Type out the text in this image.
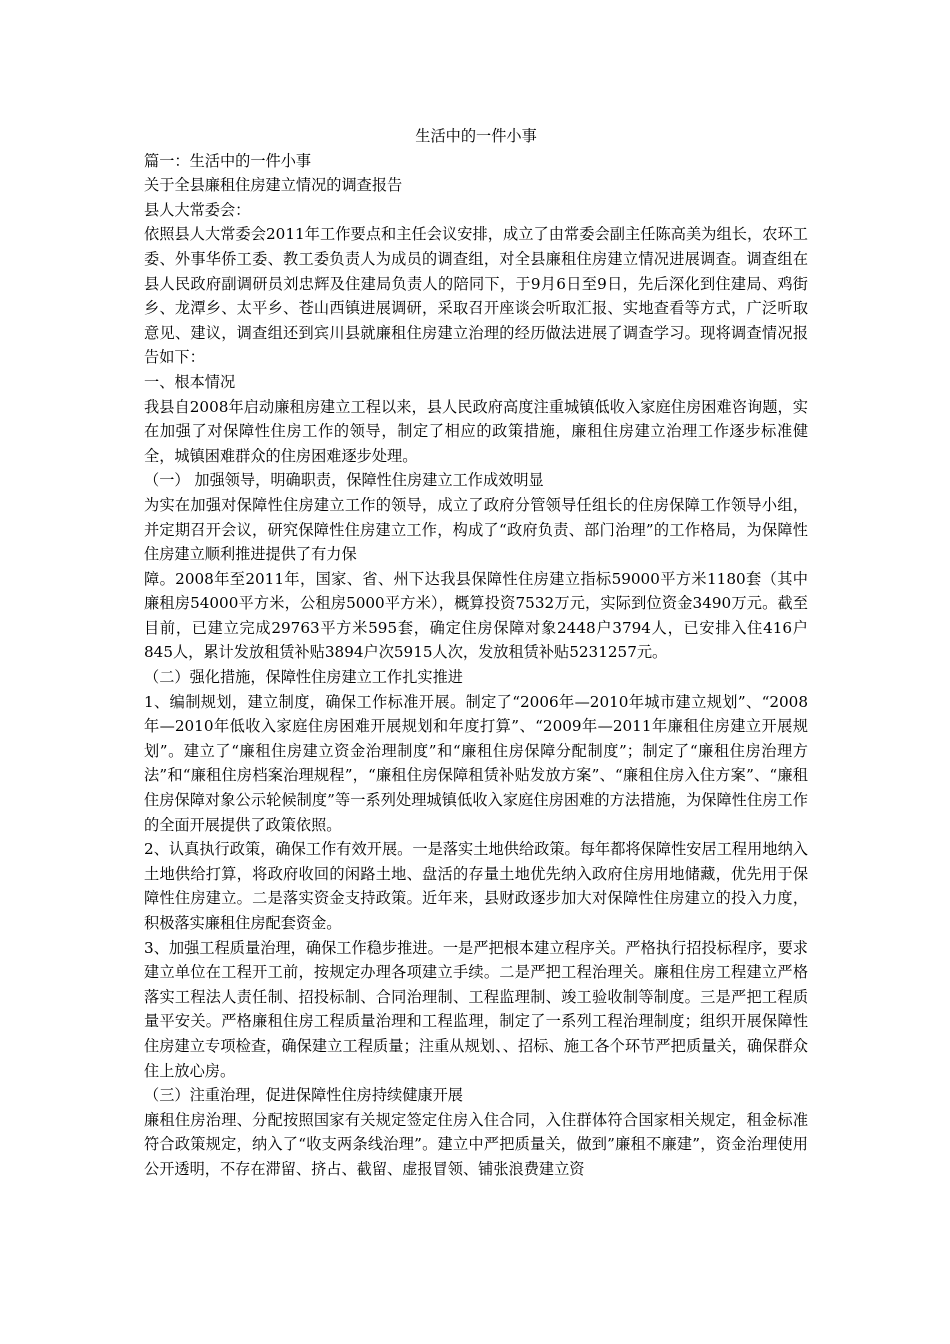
生活中的一件小事

篇一：生活中的一件小事

关于全县廉租住房建立情况的调查报告

县人大常委会：

依照县人大常委会2011年工作要点和主任会议安排，成立了由常委会副主任陈高美为组长，农环工委、外事华侨工委、教工委负责人为成员的调查组，对全县廉租住房建立情况进展调查。调查组在县人民政府副调研员刘忠辉及住建局负责人的陪同下，于9月6日至9日，先后深化到住建局、鸡街乡、龙潭乡、太平乡、苍山西镇进展调研，采取召开座谈会听取汇报、实地查看等方式，广泛听取意见、建议，调查组还到宾川县就廉租住房建立治理的经历做法进展了调查学习。现将调查情况报告如下：

一、根本情况

我县自2008年启动廉租房建立工程以来，县人民政府高度注重城镇低收入家庭住房困难咨询题，实在加强了对保障性住房工作的领导，制定了相应的政策措施，廉租住房建立治理工作逐步标准健全，城镇困难群众的住房困难逐步处理。

（一） 加强领导，明确职责，保障性住房建立工作成效明显

为实在加强对保障性住房建立工作的领导，成立了政府分管领导任组长的住房保障工作领导小组，并定期召开会议，研究保障性住房建立工作，构成了“政府负责、部门治理”的工作格局，为保障性住房建立顺利推进提供了有力保

障。2008年至2011年，国家、省、州下达我县保障性住房建立指标59000平方米1180套（其中廉租房54000平方米，公租房5000平方米），概算投资7532万元，实际到位资金3490万元。截至目前，已建立完成29763平方米595套，确定住房保障对象2448户3794人，已安排入住416户845人，累计发放租赁补贴3894户次5915人次，发放租赁补贴5231257元。

（二）强化措施，保障性住房建立工作扎实推进

1、编制规划，建立制度，确保工作标准开展。制定了“2006年—2010年城市建立规划”、“2008年—2010年低收入家庭住房困难开展规划和年度打算”、“2009年—2011年廉租住房建立开展规划”。建立了“廉租住房建立资金治理制度”和“廉租住房保障分配制度”；制定了“廉租住房治理方法”和“廉租住房档案治理规程”，“廉租住房保障租赁补贴发放方案”、“廉租住房入住方案”、“廉租住房保障对象公示轮候制度”等一系列处理城镇低收入家庭住房困难的方法措施，为保障性住房工作的全面开展提供了政策依照。

2、认真执行政策，确保工作有效开展。一是落实土地供给政策。每年都将保障性安居工程用地纳入土地供给打算，将政府收回的闲路土地、盘活的存量土地优先纳入政府住房用地储藏，优先用于保障性住房建立。二是落实资金支持政策。近年来，县财政逐步加大对保障性住房建立的投入力度，积极落实廉租住房配套资金。

3、加强工程质量治理，确保工作稳步推进。一是严把根本建立程序关。严格执行招投标程序，要求建立单位在工程开工前，按规定办理各项建立手续。二是严把工程治理关。廉租住房工程建立严格落实工程法人责任制、招投标制、合同治理制、工程监理制、竣工验收制等制度。三是严把工程质量平安关。严格廉租住房工程质量治理和工程监理，制定了一系列工程治理制度；组织开展保障性住房建立专项检查，确保建立工程质量；注重从规划、、招标、施工各个环节严把质量关，确保群众住上放心房。

（三）注重治理，促进保障性住房持续健康开展

廉租住房治理、分配按照国家有关规定签定住房入住合同，入住群体符合国家相关规定，租金标准符合政策规定，纳入了“收支两条线治理”。建立中严把质量关，做到”廉租不廉建”，资金治理使用公开透明，不存在滞留、挤占、截留、虚报冒领、铺张浪费建立资
